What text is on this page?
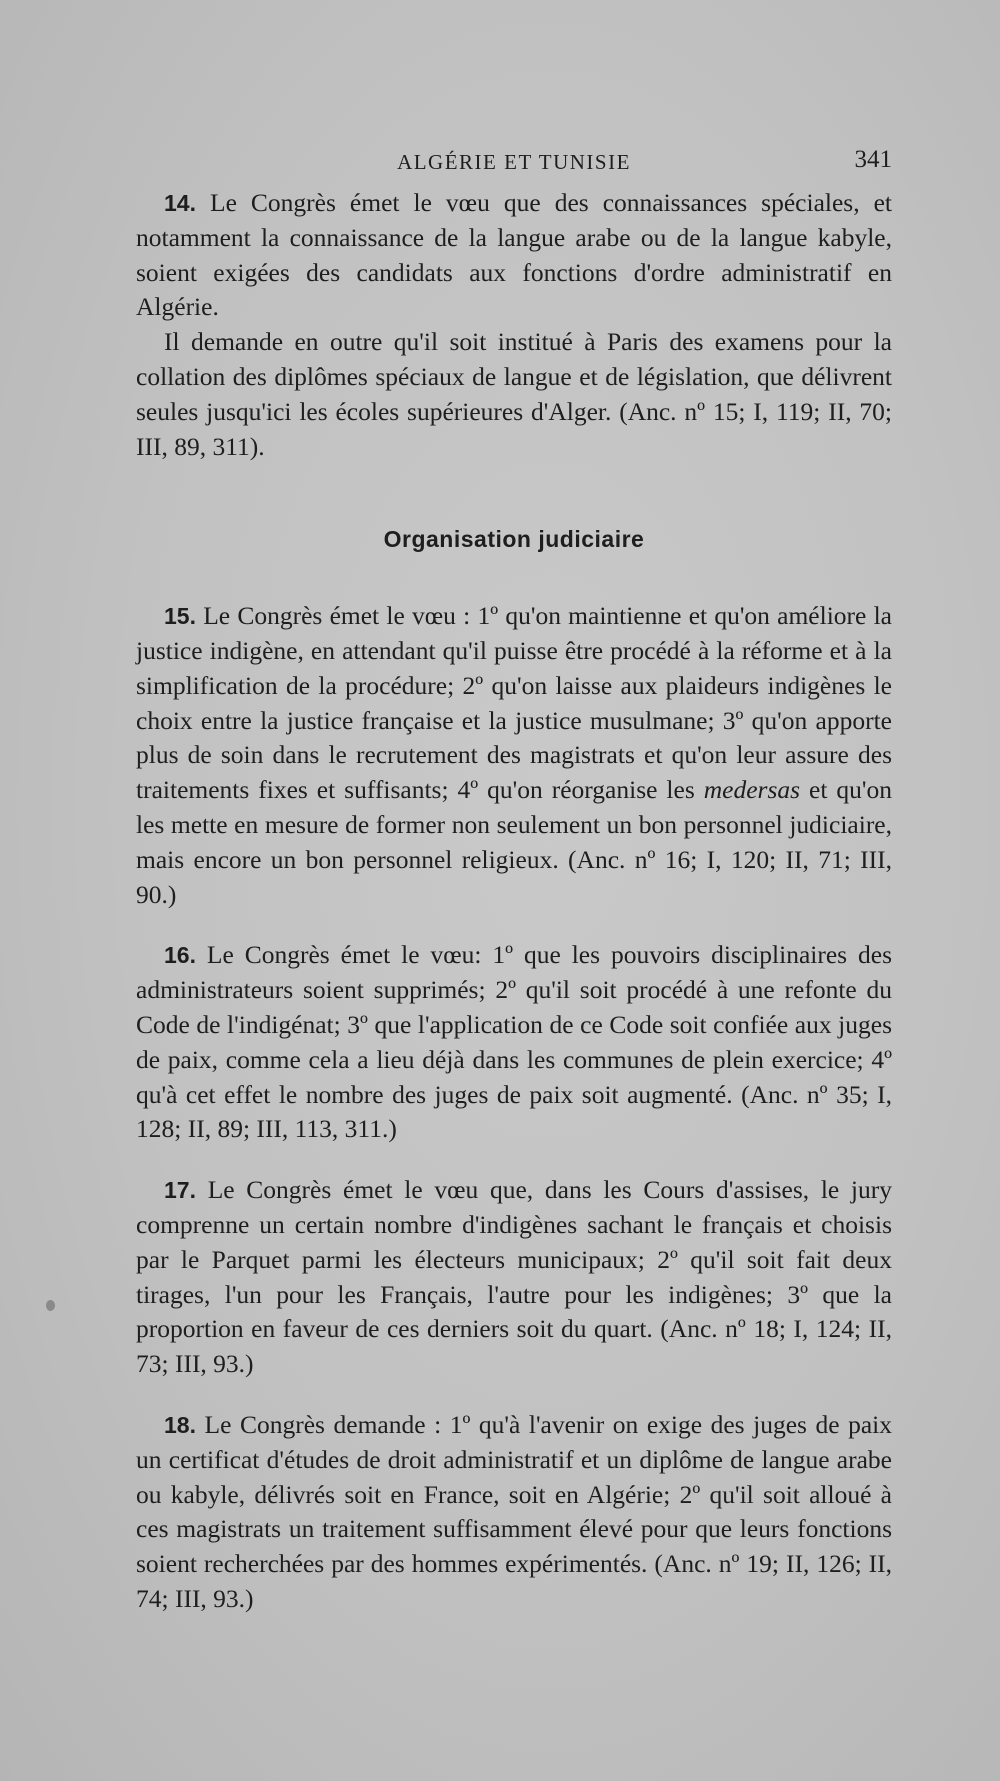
ALGÉRIE ET TUNISIE	341

14. Le Congrès émet le vœu que des connaissances spéciales, et notamment la connaissance de la langue arabe ou de la langue kabyle, soient exigées des candidats aux fonctions d'ordre administratif en Algérie.

Il demande en outre qu'il soit institué à Paris des examens pour la collation des diplômes spéciaux de langue et de législation, que délivrent seules jusqu'ici les écoles supérieures d'Alger. (Anc. nº 15; I, 119; II, 70; III, 89, 311).

Organisation judiciaire

15. Le Congrès émet le vœu : 1º qu'on maintienne et qu'on améliore la justice indigène, en attendant qu'il puisse être procédé à la réforme et à la simplification de la procédure; 2º qu'on laisse aux plaideurs indigènes le choix entre la justice française et la justice musulmane; 3º qu'on apporte plus de soin dans le recrutement des magistrats et qu'on leur assure des traitements fixes et suffisants; 4º qu'on réorganise les medersas et qu'on les mette en mesure de former non seulement un bon personnel judiciaire, mais encore un bon personnel religieux. (Anc. nº 16; I, 120; II, 71; III, 90.)

16. Le Congrès émet le vœu: 1º que les pouvoirs disciplinaires des administrateurs soient supprimés; 2º qu'il soit procédé à une refonte du Code de l'indigénat; 3º que l'application de ce Code soit confiée aux juges de paix, comme cela a lieu déjà dans les communes de plein exercice; 4º qu'à cet effet le nombre des juges de paix soit augmenté. (Anc. nº 35; I, 128; II, 89; III, 113, 311.)

17. Le Congrès émet le vœu que, dans les Cours d'assises, le jury comprenne un certain nombre d'indigènes sachant le français et choisis par le Parquet parmi les électeurs municipaux; 2º qu'il soit fait deux tirages, l'un pour les Français, l'autre pour les indigènes; 3º que la proportion en faveur de ces derniers soit du quart. (Anc. nº 18; I, 124; II, 73; III, 93.)

18. Le Congrès demande : 1º qu'à l'avenir on exige des juges de paix un certificat d'études de droit administratif et un diplôme de langue arabe ou kabyle, délivrés soit en France, soit en Algérie; 2º qu'il soit alloué à ces magistrats un traitement suffisamment élevé pour que leurs fonctions soient recherchées par des hommes expérimentés. (Anc. nº 19; II, 126; II, 74; III, 93.)
